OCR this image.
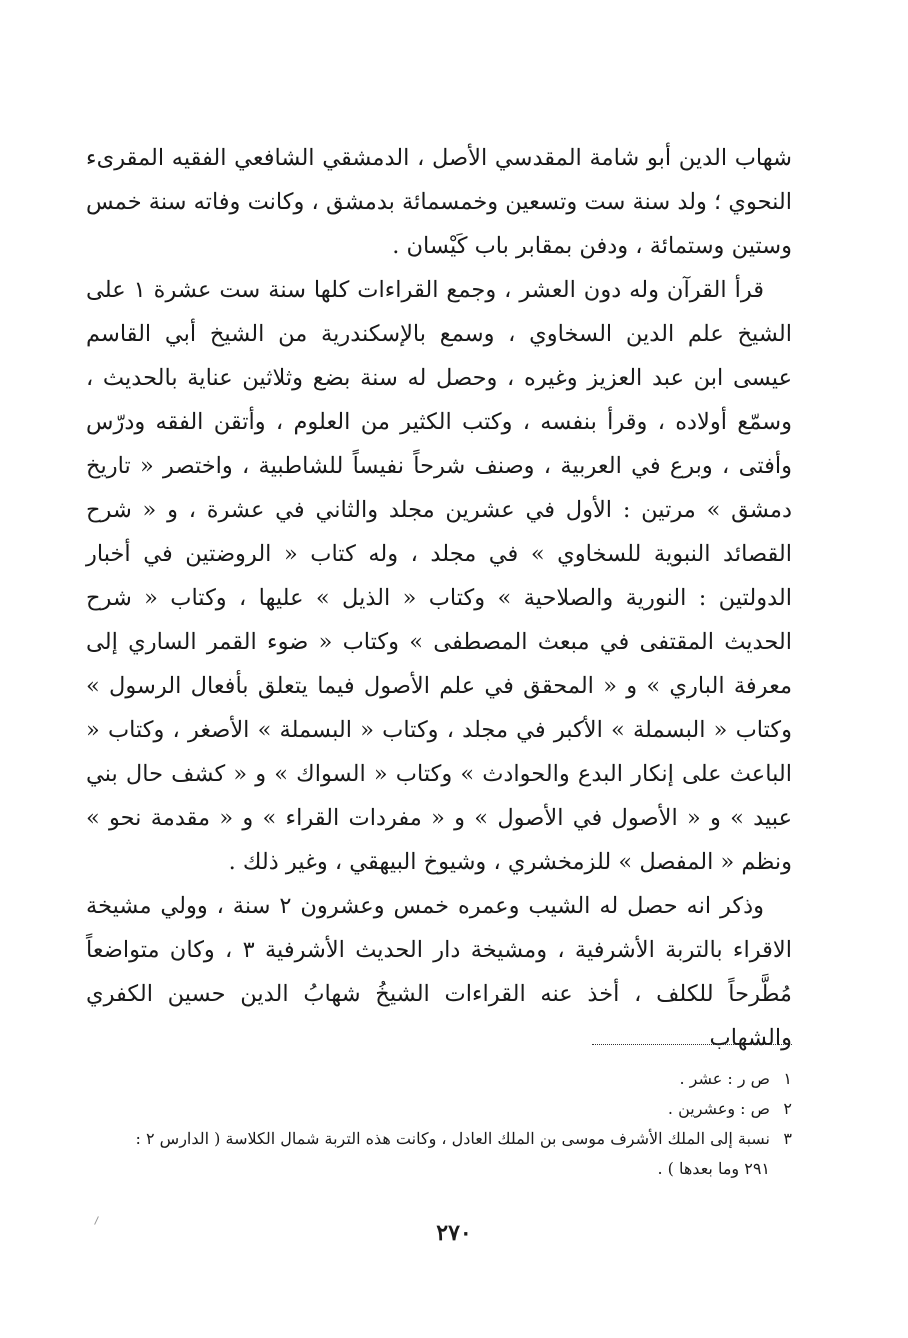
شهاب الدين أبو شامة المقدسي الأصل ، الدمشقي الشافعي الفقيه المقرىء النحوي ؛ ولد سنة ست وتسعين وخمسمائة بدمشق ، وكانت وفاته سنة خمس وستين وستمائة ، ودفن بمقابر باب كَيْسان .

قرأ القرآن وله دون العشر ، وجمع القراءات كلها سنة ست عشرة ١ على الشيخ علم الدين السخاوي ، وسمع بالإسكندرية من الشيخ أبي القاسم عيسى ابن عبد العزيز وغيره ، وحصل له سنة بضع وثلاثين عناية بالحديث ، وسمّع أولاده ، وقرأ بنفسه ، وكتب الكثير من العلوم ، وأتقن الفقه ودرّس وأفتى ، وبرع في العربية ، وصنف شرحاً نفيساً للشاطبية ، واختصر « تاريخ دمشق » مرتين : الأول في عشرين مجلد والثاني في عشرة ، و « شرح القصائد النبوية للسخاوي » في مجلد ، وله كتاب « الروضتين في أخبار الدولتين : النورية والصلاحية » وكتاب « الذيل » عليها ، وكتاب « شرح الحديث المقتفى في مبعث المصطفى » وكتاب « ضوء القمر الساري إلى معرفة الباري » و « المحقق في علم الأصول فيما يتعلق بأفعال الرسول » وكتاب « البسملة » الأكبر في مجلد ، وكتاب « البسملة » الأصغر ، وكتاب « الباعث على إنكار البدع والحوادث » وكتاب « السواك » و « كشف حال بني عبيد » و « الأصول في الأصول » و « مفردات القراء » و « مقدمة نحو » ونظم « المفصل » للزمخشري ، وشيوخ البيهقي ، وغير ذلك .

وذكر انه حصل له الشيب وعمره خمس وعشرون ٢ سنة ، وولي مشيخة الاقراء بالتربة الأشرفية ، ومشيخة دار الحديث الأشرفية ٣ ، وكان متواضعاً مُطَّرحاً للكلف ، أخذ عنه القراءات الشيخُ شهابُ الدين حسين الكفري والشهاب

١ص ر : عشر .

٢ص : وعشرين .

٣نسبة إلى الملك الأشرف موسى بن الملك العادل ، وكانت هذه التربة شمال الكلاسة ( الدارس ٢ :

٢٩١ وما بعدها ) .

٢٧٠
